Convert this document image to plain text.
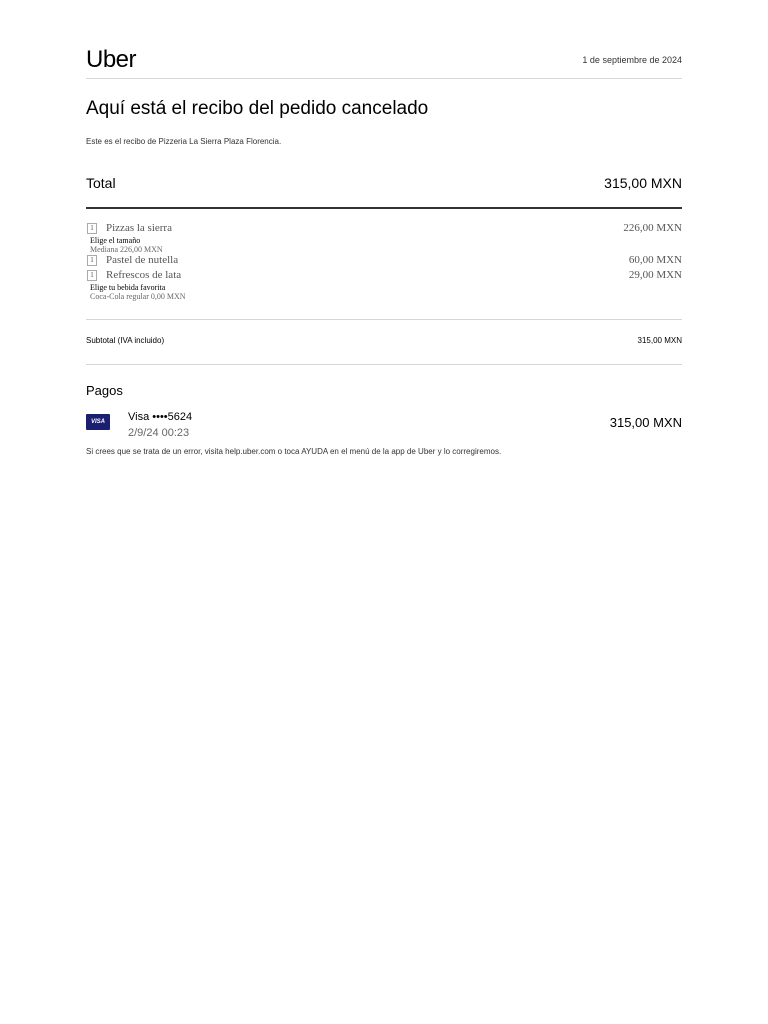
Uber	1 de septiembre de 2024
Aquí está el recibo del pedido cancelado
Este es el recibo de Pizzeria La Sierra Plaza Florencia.
Total	315,00 MXN
1 Pizzas la sierra	226,00 MXN
Elige el tamaño
Mediana 226,00 MXN
1 Pastel de nutella	60,00 MXN
1 Refrescos de lata	29,00 MXN
Elige tu bebida favorita
Coca-Cola regular 0,00 MXN
Subtotal (IVA incluido)	315,00 MXN
Pagos
VISA	Visa ••••5624
2/9/24 00:23
315,00 MXN
Si crees que se trata de un error, visita help.uber.com o toca AYUDA en el menú de la app de Uber y lo corregiremos.
